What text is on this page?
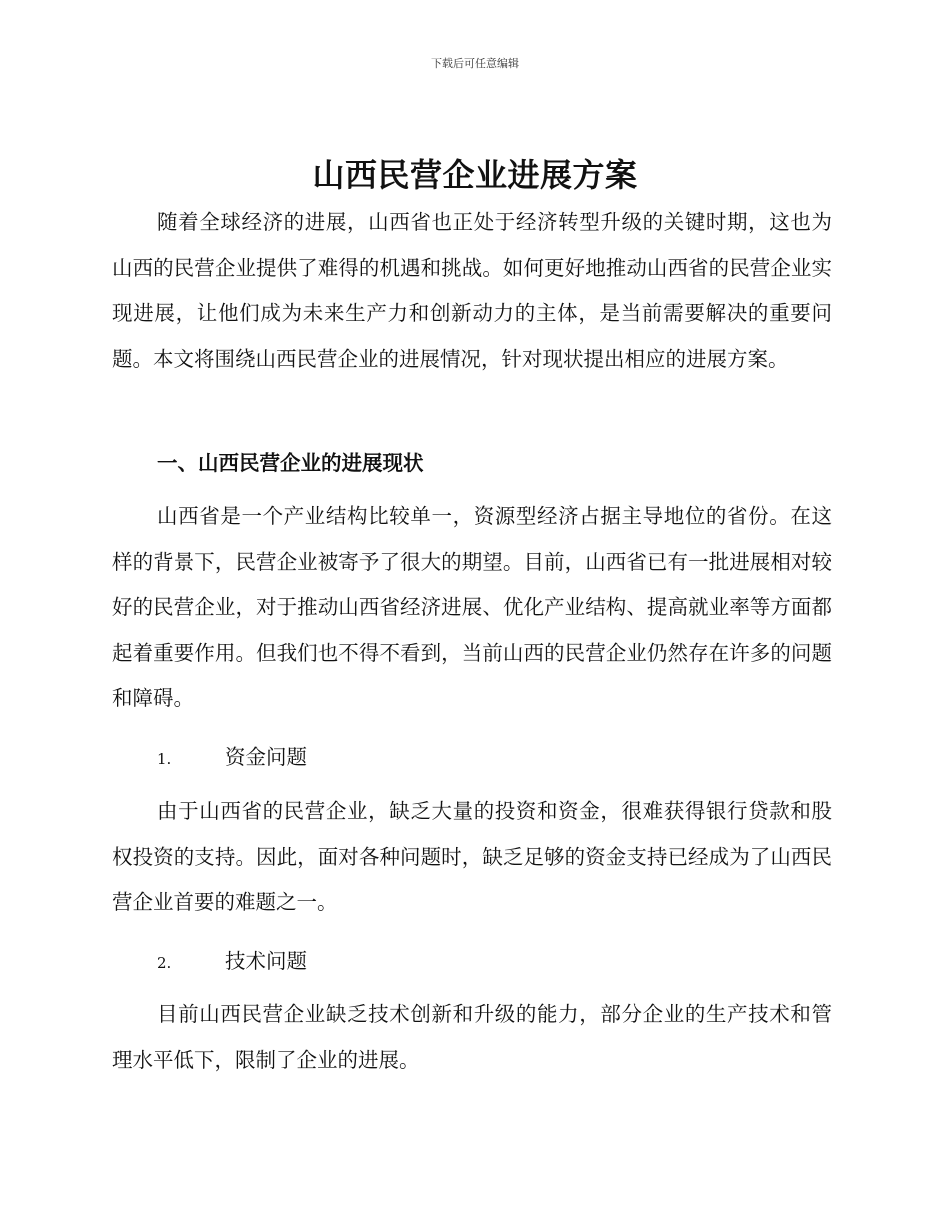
下载后可任意编辑
山西民营企业进展方案

随着全球经济的进展，山西省也正处于经济转型升级的关键时期，这也为山西的民营企业提供了难得的机遇和挑战。如何更好地推动山西省的民营企业实现进展，让他们成为未来生产力和创新动力的主体，是当前需要解决的重要问题。本文将围绕山西民营企业的进展情况，针对现状提出相应的进展方案。

一、山西民营企业的进展现状

山西省是一个产业结构比较单一，资源型经济占据主导地位的省份。在这样的背景下，民营企业被寄予了很大的期望。目前，山西省已有一批进展相对较好的民营企业，对于推动山西省经济进展、优化产业结构、提高就业率等方面都起着重要作用。但我们也不得不看到，当前山西的民营企业仍然存在许多的问题和障碍。

1.	资金问题

由于山西省的民营企业，缺乏大量的投资和资金，很难获得银行贷款和股权投资的支持。因此，面对各种问题时，缺乏足够的资金支持已经成为了山西民营企业首要的难题之一。

2.	技术问题

目前山西民营企业缺乏技术创新和升级的能力，部分企业的生产技术和管理水平低下，限制了企业的进展。
